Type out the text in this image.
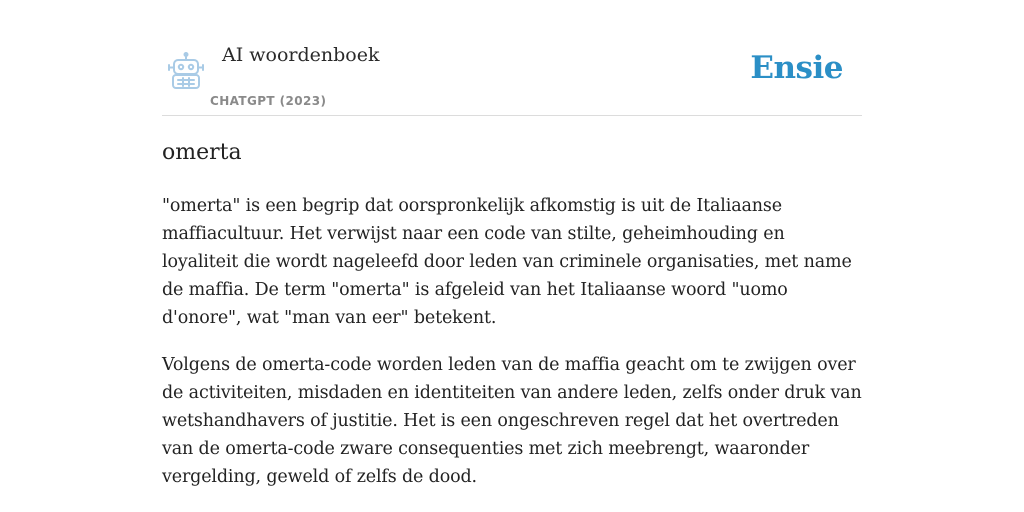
AI woordenboek
CHATGPT (2023)
Ensie
omerta

"omerta" is een begrip dat oorspronkelijk afkomstig is uit de Italiaanse maffiacultuur. Het verwijst naar een code van stilte, geheimhouding en loyaliteit die wordt nageleefd door leden van criminele organisaties, met name de maffia. De term "omerta" is afgeleid van het Italiaanse woord "uomo d'onore", wat "man van eer" betekent.

Volgens de omerta-code worden leden van de maffia geacht om te zwijgen over de activiteiten, misdaden en identiteiten van andere leden, zelfs onder druk van wetshandhavers of justitie. Het is een ongeschreven regel dat het overtreden van de omerta-code zware consequenties met zich meebrengt, waaronder vergelding, geweld of zelfs de dood.
